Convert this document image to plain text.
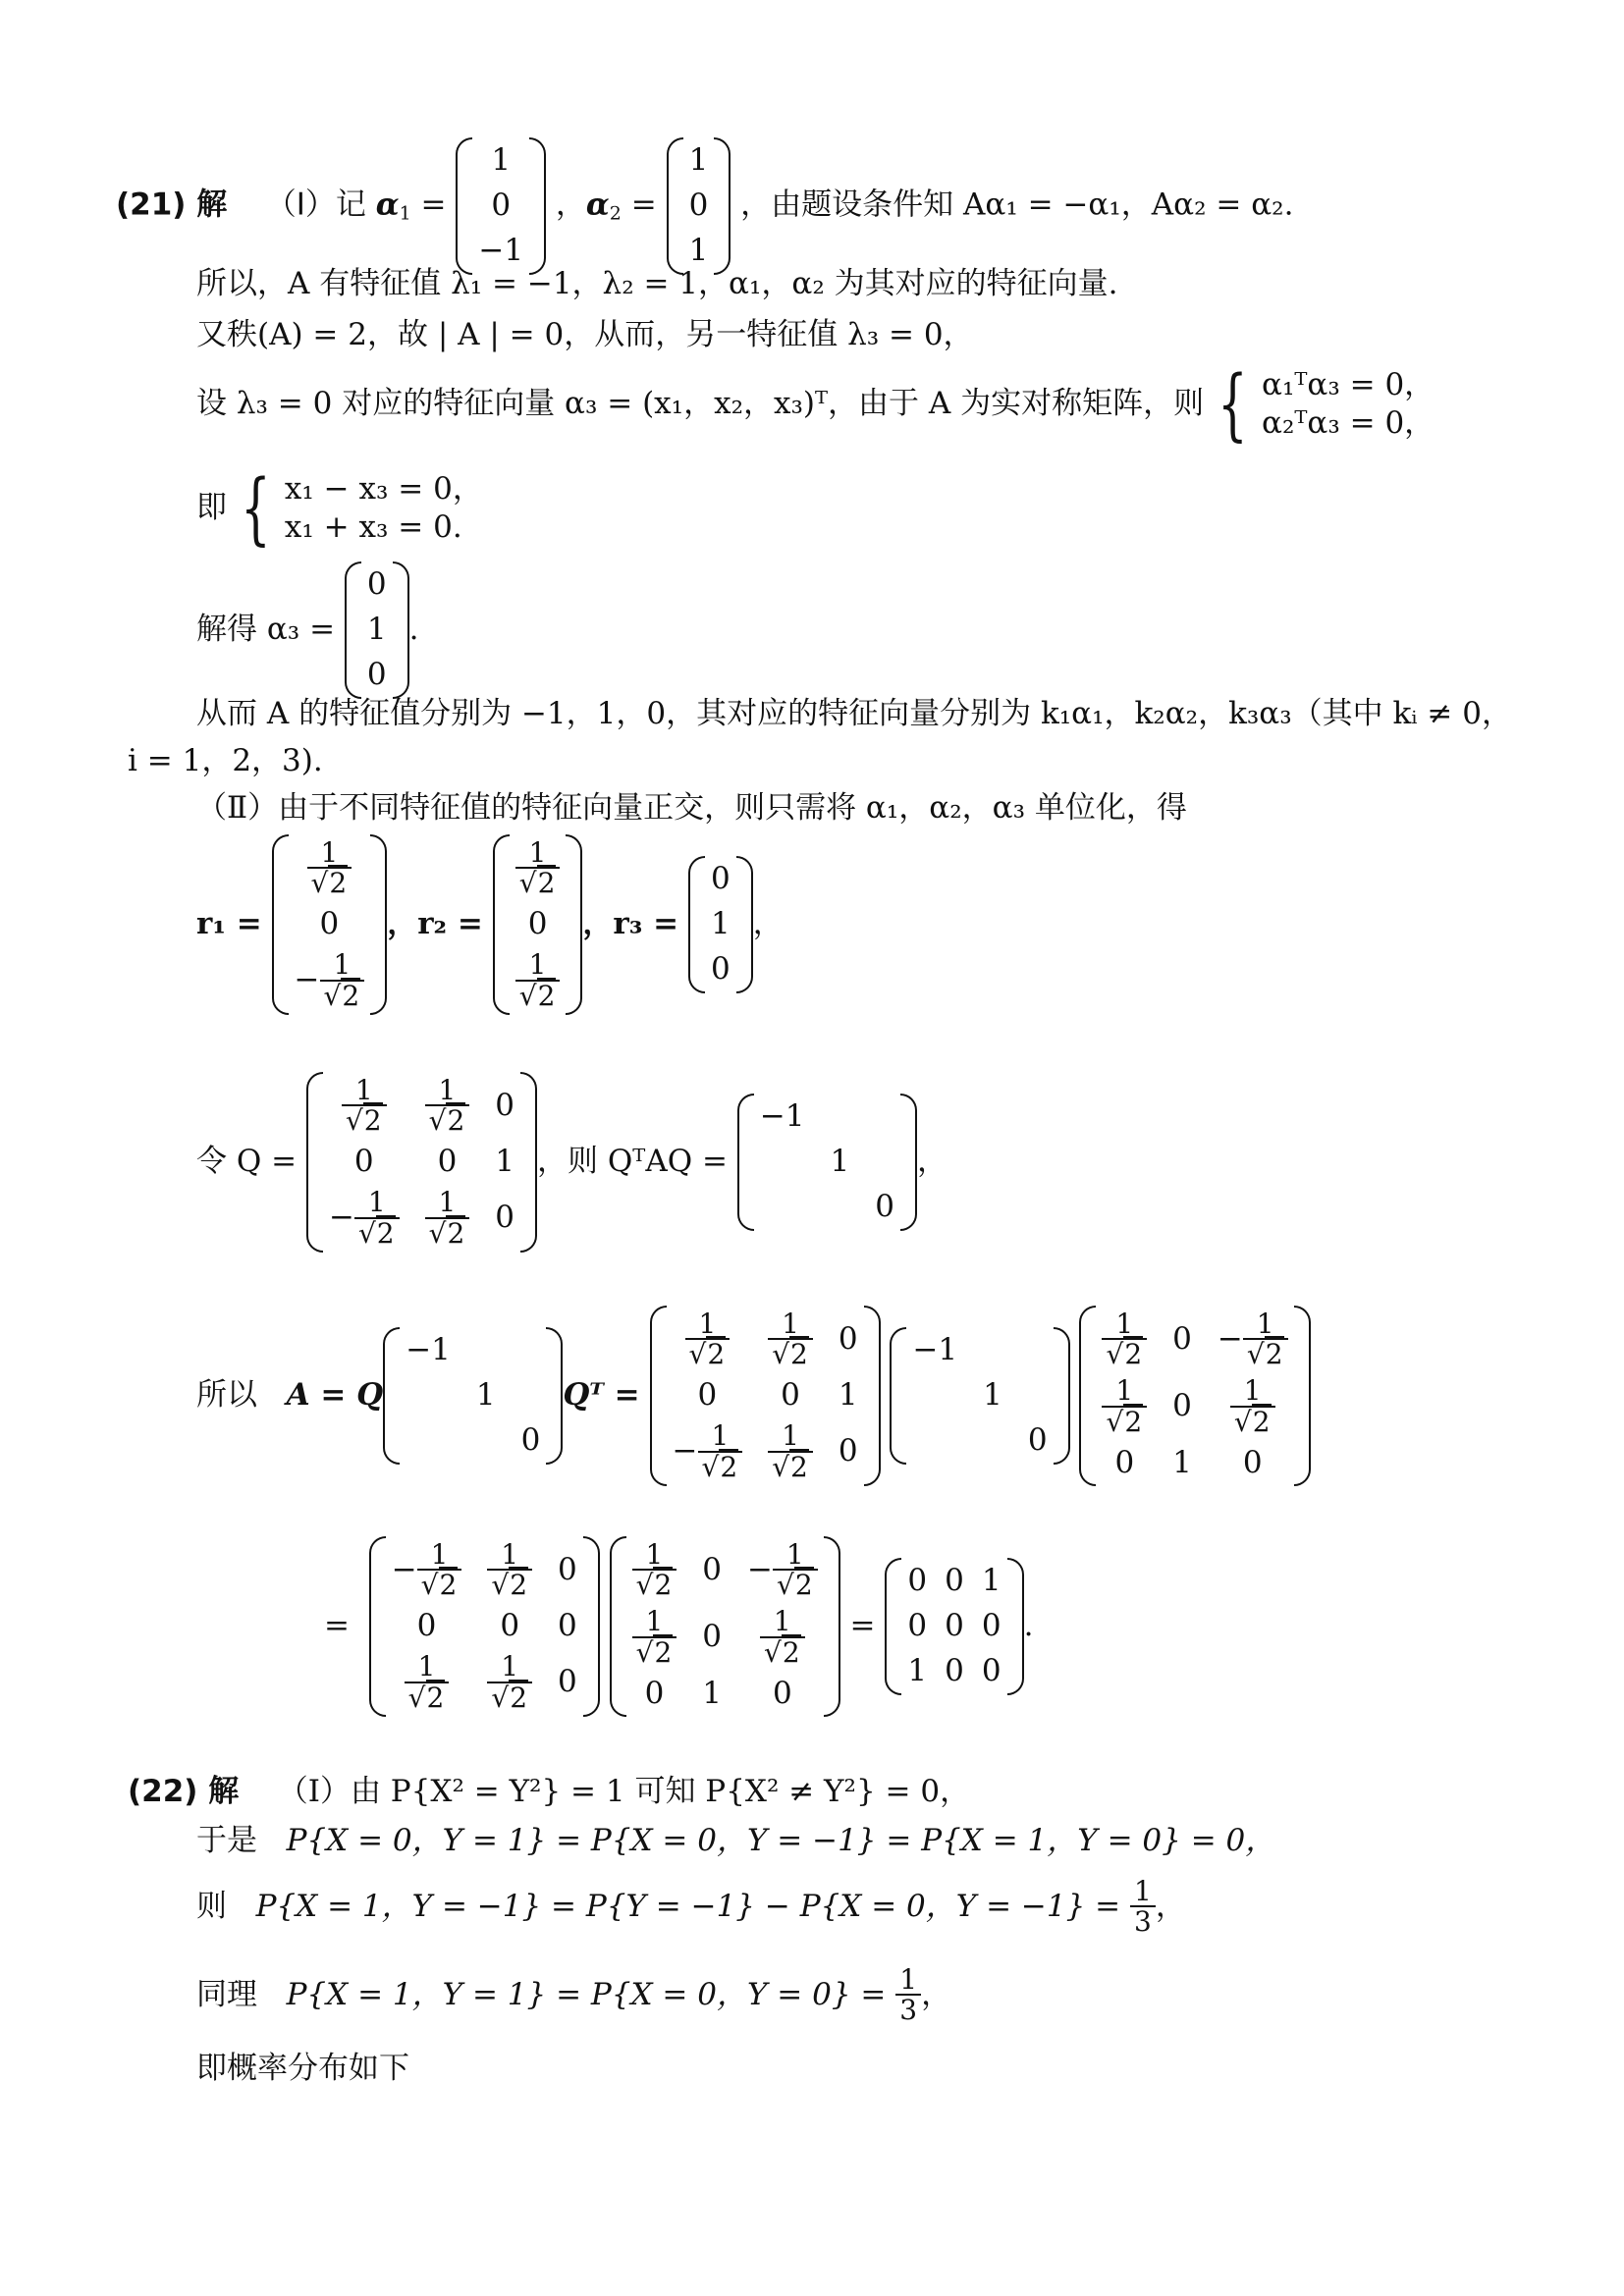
(21) 解 （Ⅰ）记 $\alpha_1$ =
1
0
−1
，$\alpha_2$ =
1
0
1
，由题设条件知 Aα₁ = −α₁，Aα₂ = α₂.
所以，A 有特征值 λ₁ = −1，λ₂ = 1，α₁，α₂ 为其对应的特征向量.
又秩(A) = 2，故 | A | = 0，从而，另一特征值 λ₃ = 0，
设 λ₃ = 0 对应的特征向量 α₃ = (x₁，x₂，x₃)ᵀ，由于 A 为实对称矩阵，则 { α₁ᵀα₃ = 0，
α₂ᵀα₃ = 0，
即 { x₁ − x₃ = 0，
x₁ + x₃ = 0.
解得 α₃ =

0
1
0
.
从而 A 的特征值分别为 −1，1，0，其对应的特征向量分别为 k₁α₁，k₂α₂，k₃α₃（其中 kᵢ ≠ 0，
i = 1，2，3).
（Ⅱ）由于不同特征值的特征向量正交，则只需将 α₁，α₂，α₃ 单位化，得
r₁ =

$\frac{1}{√2}$
0
− $\frac{1}{√2}$
，r₂ =

$\frac{1}{√2}$
0
$\frac{1}{√2}$
，r₃ =

0
1
0
，
令 Q =

$\frac{1}{√2} \frac{1}{√2} 0$
0 0 1
− $\frac{1}{√2} \frac{1}{√2} 0$
，则 QᵀAQ =

−1
1
0
，
所以
A = Q
−1
1
0
Qᵀ =

$\frac{1}{√2} \frac{1}{√2} 0$
0 0 1
− $\frac{1}{√2} \frac{1}{√2} 0$

−1
1
0

$\frac{1}{√2} 0 - \frac{1}{√2}$
$\frac{1}{√2} 0 \frac{1}{√2}$
0 1 0
=
− $\frac{1}{√2} \frac{1}{√2} 0$
0 0 0
$\frac{1}{√2} \frac{1}{√2} 0$

$\frac{1}{√2} 0 - \frac{1}{√2}$
$\frac{1}{√2} 0 \frac{1}{√2}$
0 1 0
=
0 0 1
0 0 0
1 0 0
.
(22) 解 （Ⅰ）由 P{X² = Y²} = 1 可知 P{X² ≠ Y²} = 0，
于是 P{X = 0，Y = 1} = P{X = 0，Y = −1} = P{X = 1，Y = 0} = 0，
则
P{X = 1，Y = −1} = P{Y = −1} − P{X = 0，Y = −1} =
$\frac{1}{3}$ ，
同理
P{X = 1，Y = 1} = P{X = 0，Y = 0} =
$\frac{1}{3}$ ，
即概率分布如下
